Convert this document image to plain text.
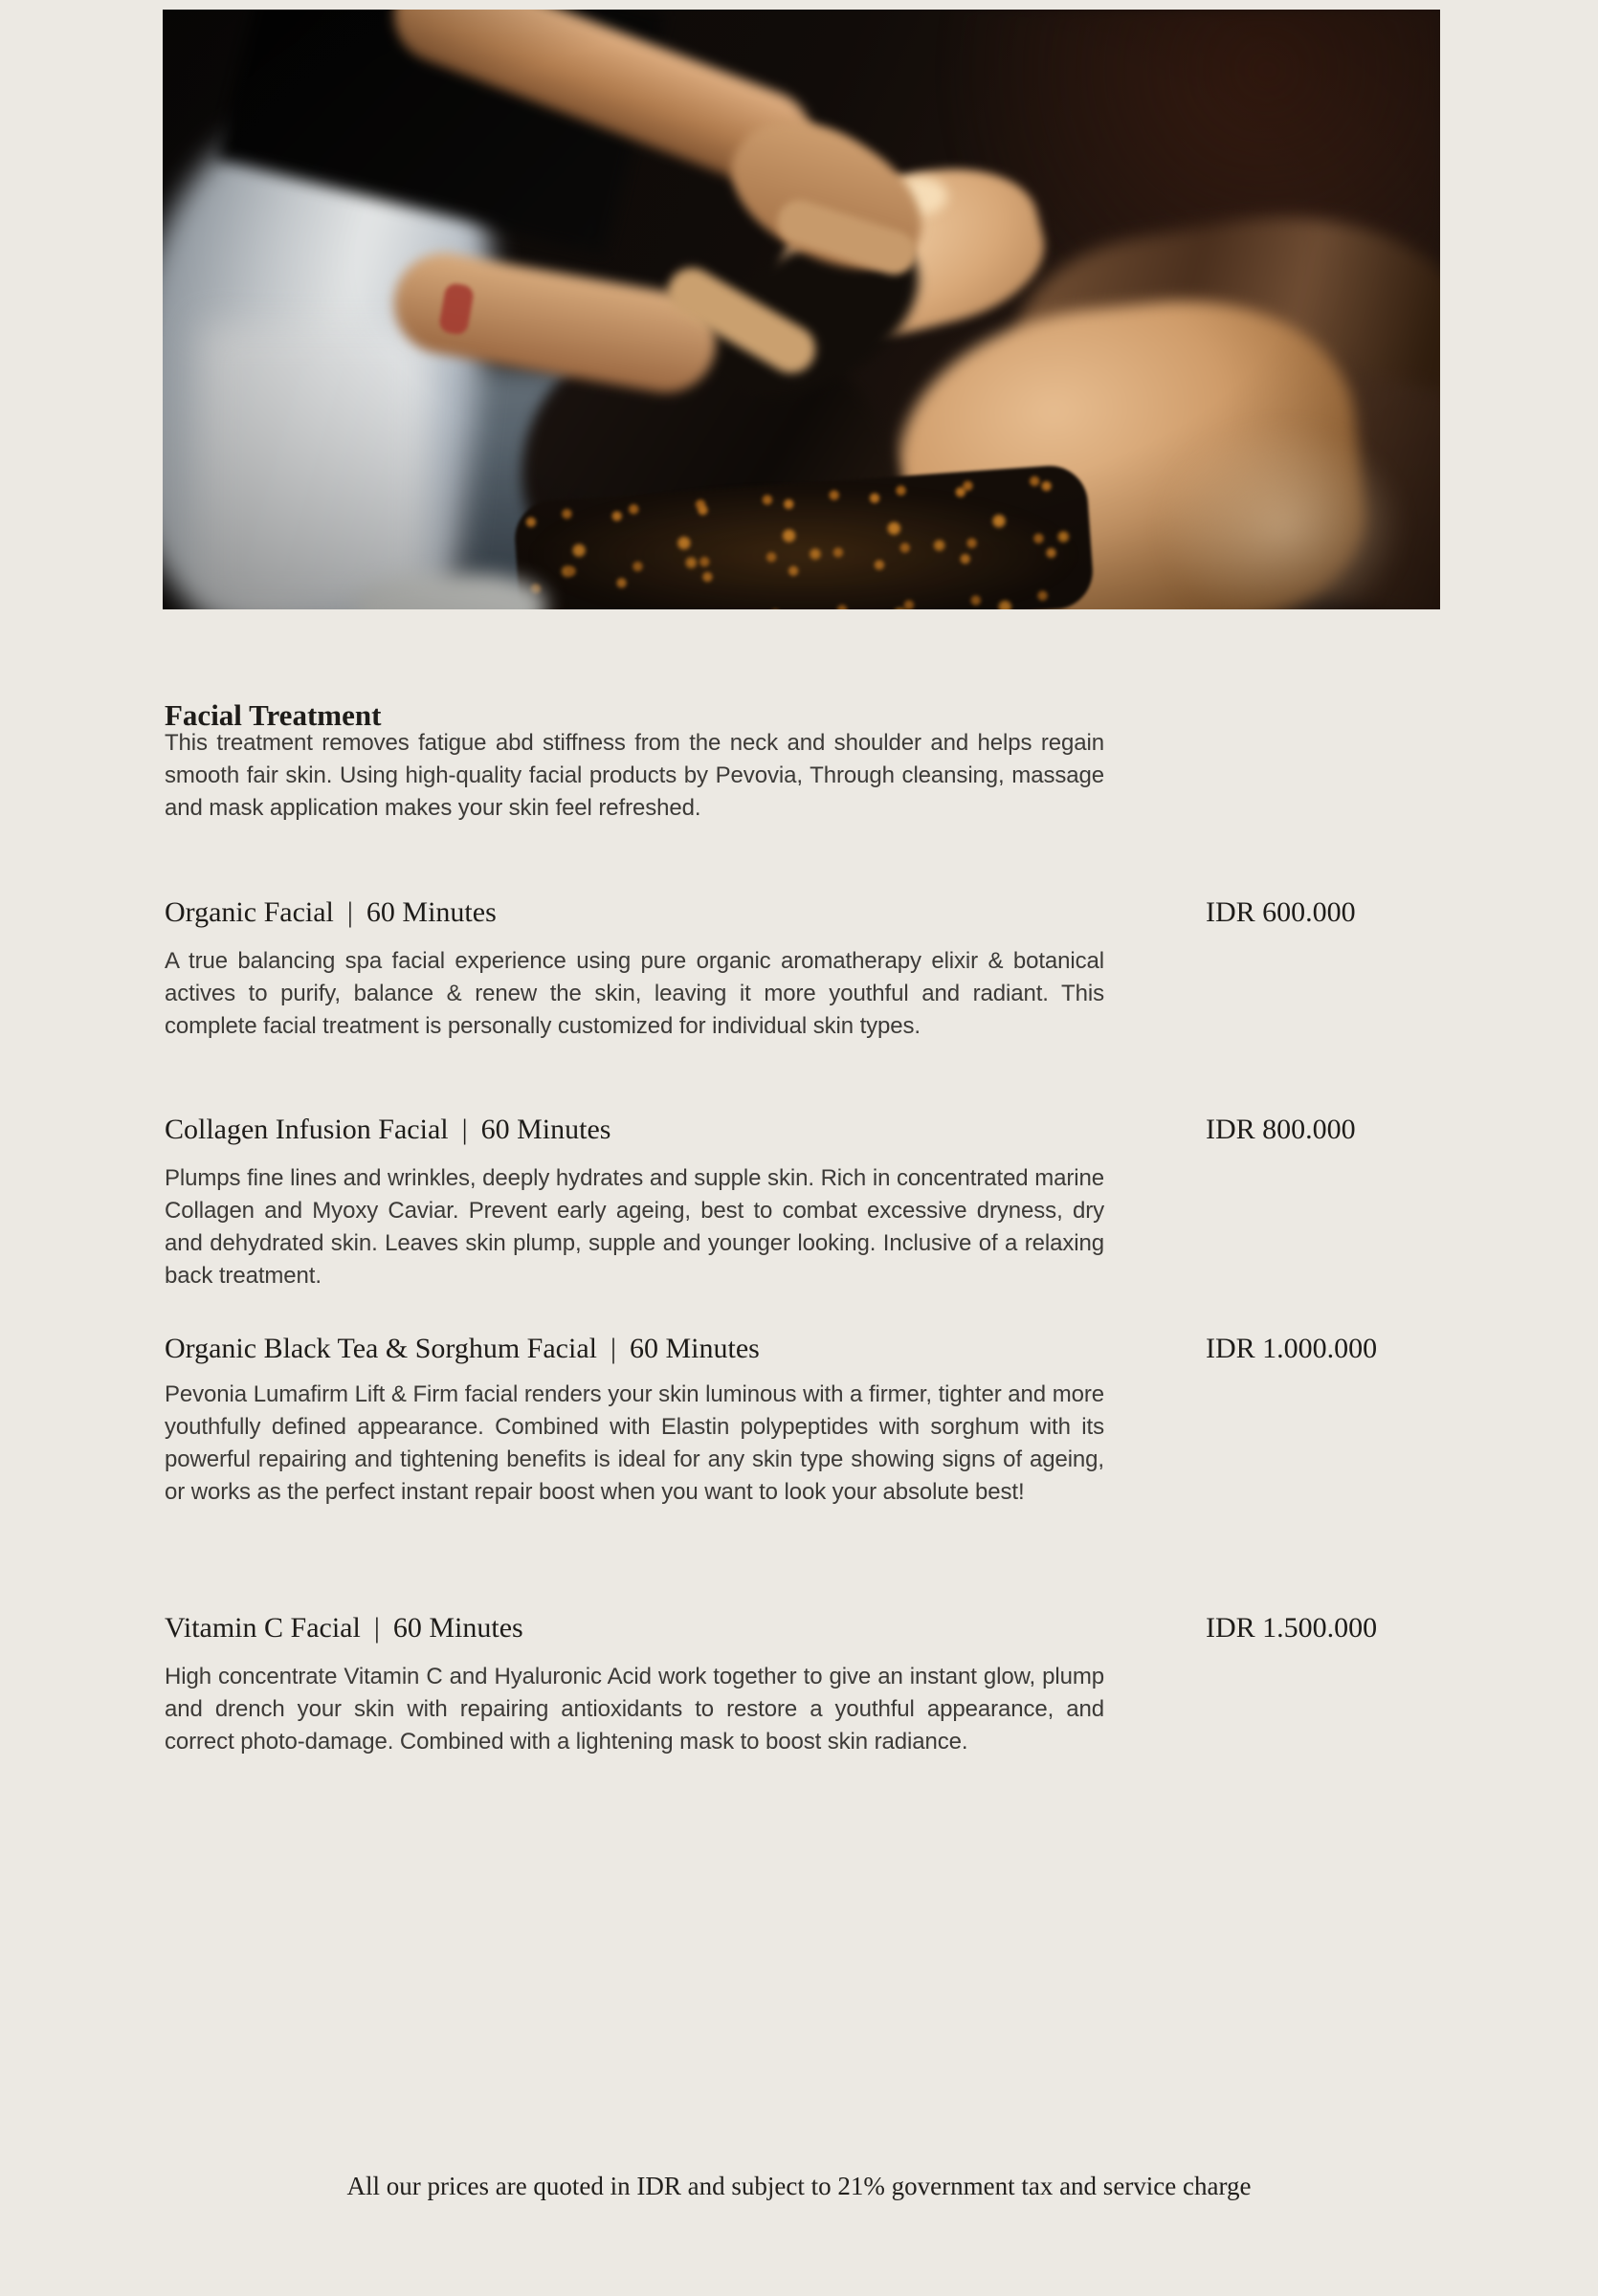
Facial Treatment

This treatment removes fatigue abd stiffness from the neck and shoulder and helps regain smooth fair skin. Using high-quality facial products by Pevovia, Through cleansing, massage and mask application makes your skin feel refreshed.

Organic Facial | 60 Minutes	IDR 600.000

A true balancing spa facial experience using pure organic aromatherapy elixir & botanical actives to purify, balance & renew the skin, leaving it more youthful and radiant. This complete facial treatment is personally customized for individual skin types.

Collagen Infusion Facial | 60 Minutes	IDR 800.000

Plumps fine lines and wrinkles, deeply hydrates and supple skin. Rich in concentrated marine Collagen and Myoxy Caviar. Prevent early ageing, best to combat excessive dryness, dry and dehydrated skin. Leaves skin plump, supple and younger looking. Inclusive of a relaxing back treatment.

Organic Black Tea & Sorghum Facial | 60 Minutes	IDR 1.000.000

Pevonia Lumafirm Lift & Firm facial renders your skin luminous with a firmer, tighter and more youthfully defined appearance. Combined with Elastin polypeptides with sorghum with its powerful repairing and tightening benefits is ideal for any skin type showing signs of ageing, or works as the perfect instant repair boost when you want to look your absolute best!

Vitamin C Facial | 60 Minutes	IDR 1.500.000

High concentrate Vitamin C and Hyaluronic Acid work together to give an instant glow, plump and drench your skin with repairing antioxidants to restore a youthful appearance, and correct photo-damage. Combined with a lightening mask to boost skin radiance.

All our prices are quoted in IDR and subject to 21% government tax and service charge
